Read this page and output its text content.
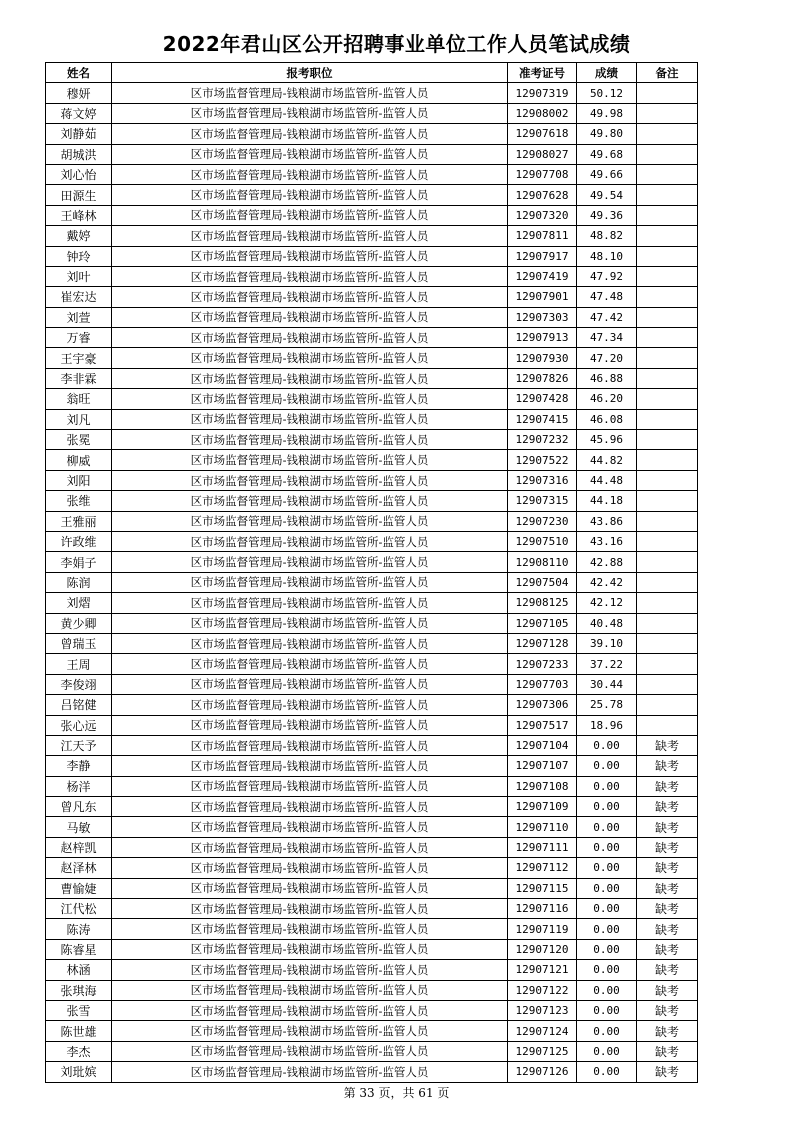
2022年君山区公开招聘事业单位工作人员笔试成绩
姓名	报考职位	准考证号	成绩	备注
穆妍	区市场监督管理局-钱粮湖市场监管所-监管人员	12907319	50.12	
蒋文婷	区市场监督管理局-钱粮湖市场监管所-监管人员	12908002	49.98	
刘静茹	区市场监督管理局-钱粮湖市场监管所-监管人员	12907618	49.80	
胡城洪	区市场监督管理局-钱粮湖市场监管所-监管人员	12908027	49.68	
刘心怡	区市场监督管理局-钱粮湖市场监管所-监管人员	12907708	49.66	
田源生	区市场监督管理局-钱粮湖市场监管所-监管人员	12907628	49.54	
王峰林	区市场监督管理局-钱粮湖市场监管所-监管人员	12907320	49.36	
戴婷	区市场监督管理局-钱粮湖市场监管所-监管人员	12907811	48.82	
钟玲	区市场监督管理局-钱粮湖市场监管所-监管人员	12907917	48.10	
刘叶	区市场监督管理局-钱粮湖市场监管所-监管人员	12907419	47.92	
崔宏达	区市场监督管理局-钱粮湖市场监管所-监管人员	12907901	47.48	
刘萱	区市场监督管理局-钱粮湖市场监管所-监管人员	12907303	47.42	
万睿	区市场监督管理局-钱粮湖市场监管所-监管人员	12907913	47.34	
王宇豪	区市场监督管理局-钱粮湖市场监管所-监管人员	12907930	47.20	
李非霖	区市场监督管理局-钱粮湖市场监管所-监管人员	12907826	46.88	
翁旺	区市场监督管理局-钱粮湖市场监管所-监管人员	12907428	46.20	
刘凡	区市场监督管理局-钱粮湖市场监管所-监管人员	12907415	46.08	
张冕	区市场监督管理局-钱粮湖市场监管所-监管人员	12907232	45.96	
柳威	区市场监督管理局-钱粮湖市场监管所-监管人员	12907522	44.82	
刘阳	区市场监督管理局-钱粮湖市场监管所-监管人员	12907316	44.48	
张维	区市场监督管理局-钱粮湖市场监管所-监管人员	12907315	44.18	
王雅丽	区市场监督管理局-钱粮湖市场监管所-监管人员	12907230	43.86	
许政维	区市场监督管理局-钱粮湖市场监管所-监管人员	12907510	43.16	
李娟子	区市场监督管理局-钱粮湖市场监管所-监管人员	12908110	42.88	
陈润	区市场监督管理局-钱粮湖市场监管所-监管人员	12907504	42.42	
刘熠	区市场监督管理局-钱粮湖市场监管所-监管人员	12908125	42.12	
黄少卿	区市场监督管理局-钱粮湖市场监管所-监管人员	12907105	40.48	
曾瑞玉	区市场监督管理局-钱粮湖市场监管所-监管人员	12907128	39.10	
王周	区市场监督管理局-钱粮湖市场监管所-监管人员	12907233	37.22	
李俊翊	区市场监督管理局-钱粮湖市场监管所-监管人员	12907703	30.44	
吕铭健	区市场监督管理局-钱粮湖市场监管所-监管人员	12907306	25.78	
张心远	区市场监督管理局-钱粮湖市场监管所-监管人员	12907517	18.96	
江天予	区市场监督管理局-钱粮湖市场监管所-监管人员	12907104	0.00	缺考
李静	区市场监督管理局-钱粮湖市场监管所-监管人员	12907107	0.00	缺考
杨洋	区市场监督管理局-钱粮湖市场监管所-监管人员	12907108	0.00	缺考
曾凡东	区市场监督管理局-钱粮湖市场监管所-监管人员	12907109	0.00	缺考
马敏	区市场监督管理局-钱粮湖市场监管所-监管人员	12907110	0.00	缺考
赵梓凯	区市场监督管理局-钱粮湖市场监管所-监管人员	12907111	0.00	缺考
赵泽林	区市场监督管理局-钱粮湖市场监管所-监管人员	12907112	0.00	缺考
曹愉婕	区市场监督管理局-钱粮湖市场监管所-监管人员	12907115	0.00	缺考
江代松	区市场监督管理局-钱粮湖市场监管所-监管人员	12907116	0.00	缺考
陈涛	区市场监督管理局-钱粮湖市场监管所-监管人员	12907119	0.00	缺考
陈睿星	区市场监督管理局-钱粮湖市场监管所-监管人员	12907120	0.00	缺考
林涵	区市场监督管理局-钱粮湖市场监管所-监管人员	12907121	0.00	缺考
张琪海	区市场监督管理局-钱粮湖市场监管所-监管人员	12907122	0.00	缺考
张雪	区市场监督管理局-钱粮湖市场监管所-监管人员	12907123	0.00	缺考
陈世雄	区市场监督管理局-钱粮湖市场监管所-监管人员	12907124	0.00	缺考
李杰	区市场监督管理局-钱粮湖市场监管所-监管人员	12907125	0.00	缺考
刘玭嫔	区市场监督管理局-钱粮湖市场监管所-监管人员	12907126	0.00	缺考
第 33 页，共 61 页
